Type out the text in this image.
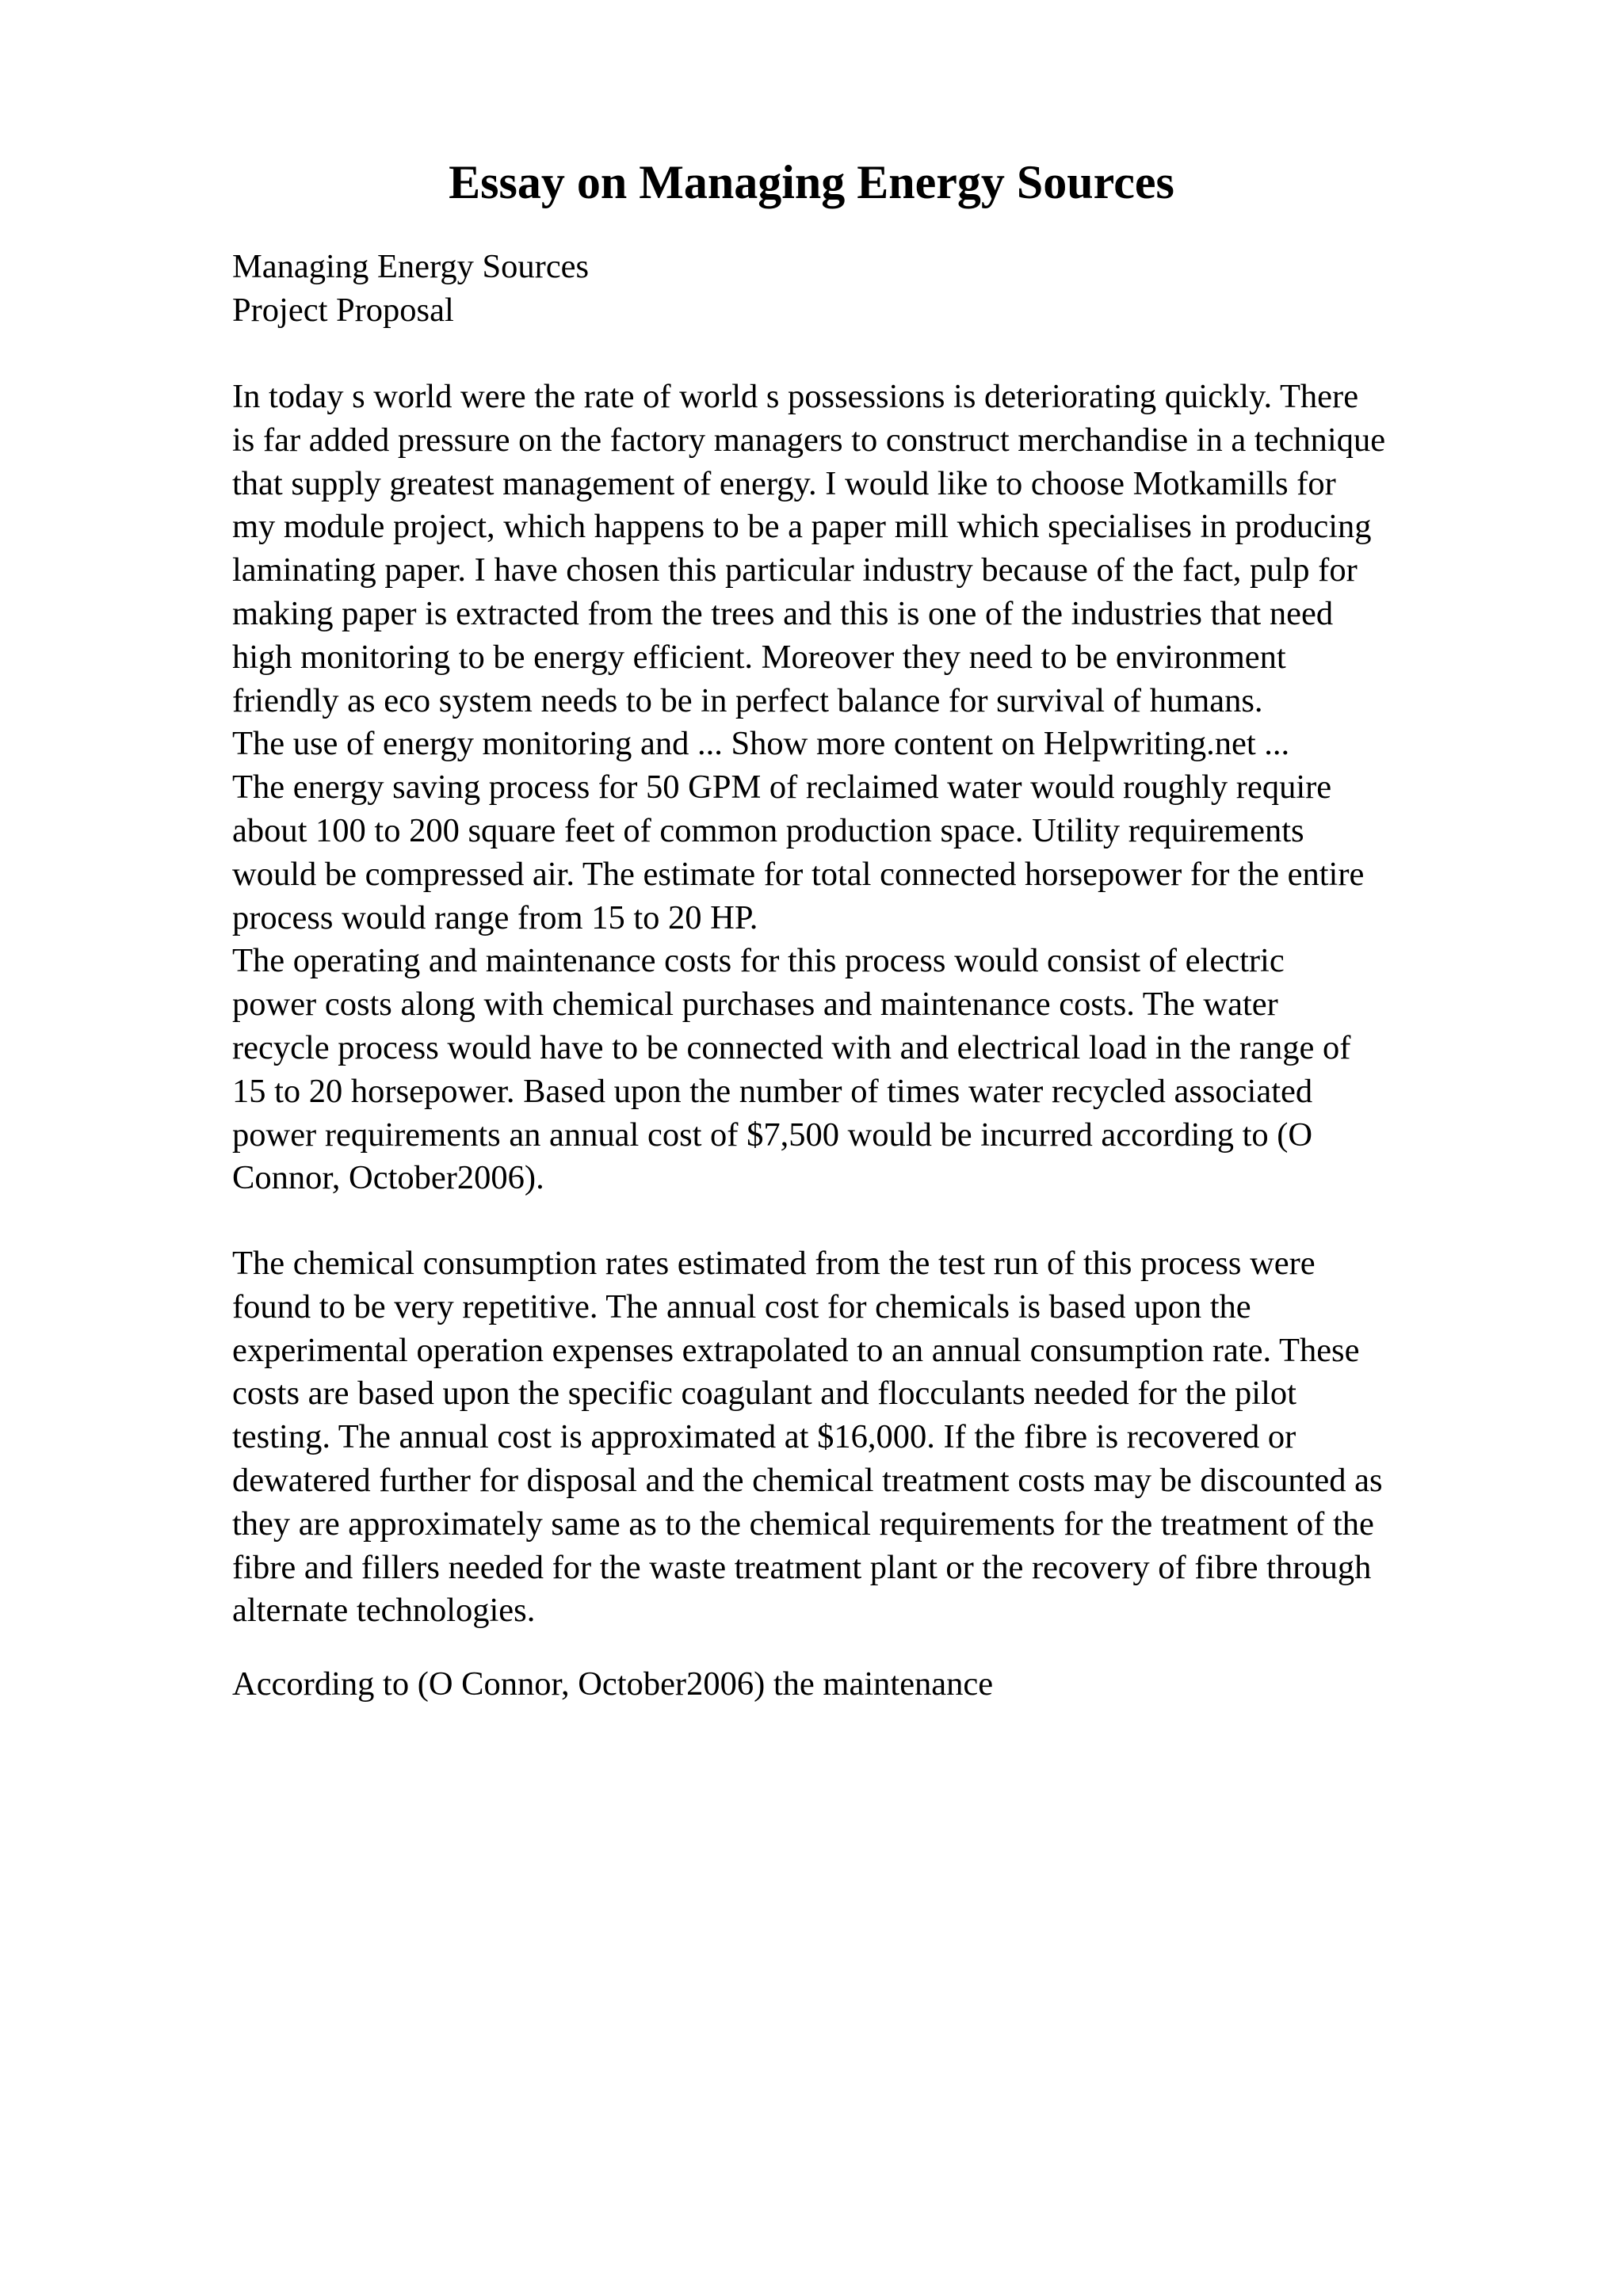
Essay on Managing Energy Sources
Managing Energy Sources
Project Proposal
In today s world were the rate of world s possessions is deteriorating quickly. There
is far added pressure on the factory managers to construct merchandise in a technique
that supply greatest management of energy. I would like to choose Motkamills for
my module project, which happens to be a paper mill which specialises in producing
laminating paper. I have chosen this particular industry because of the fact, pulp for
making paper is extracted from the trees and this is one of the industries that need
high monitoring to be energy efficient. Moreover they need to be environment
friendly as eco system needs to be in perfect balance for survival of humans.
The use of energy monitoring and ... Show more content on Helpwriting.net ...
The energy saving process for 50 GPM of reclaimed water would roughly require
about 100 to 200 square feet of common production space. Utility requirements
would be compressed air. The estimate for total connected horsepower for the entire
process would range from 15 to 20 HP.
The operating and maintenance costs for this process would consist of electric
power costs along with chemical purchases and maintenance costs. The water
recycle process would have to be connected with and electrical load in the range of
15 to 20 horsepower. Based upon the number of times water recycled associated
power requirements an annual cost of $7,500 would be incurred according to (O
Connor, October2006).
The chemical consumption rates estimated from the test run of this process were
found to be very repetitive. The annual cost for chemicals is based upon the
experimental operation expenses extrapolated to an annual consumption rate. These
costs are based upon the specific coagulant and flocculants needed for the pilot
testing. The annual cost is approximated at $16,000. If the fibre is recovered or
dewatered further for disposal and the chemical treatment costs may be discounted as
they are approximately same as to the chemical requirements for the treatment of the
fibre and fillers needed for the waste treatment plant or the recovery of fibre through
alternate technologies.
According to (O Connor, October2006) the maintenance
